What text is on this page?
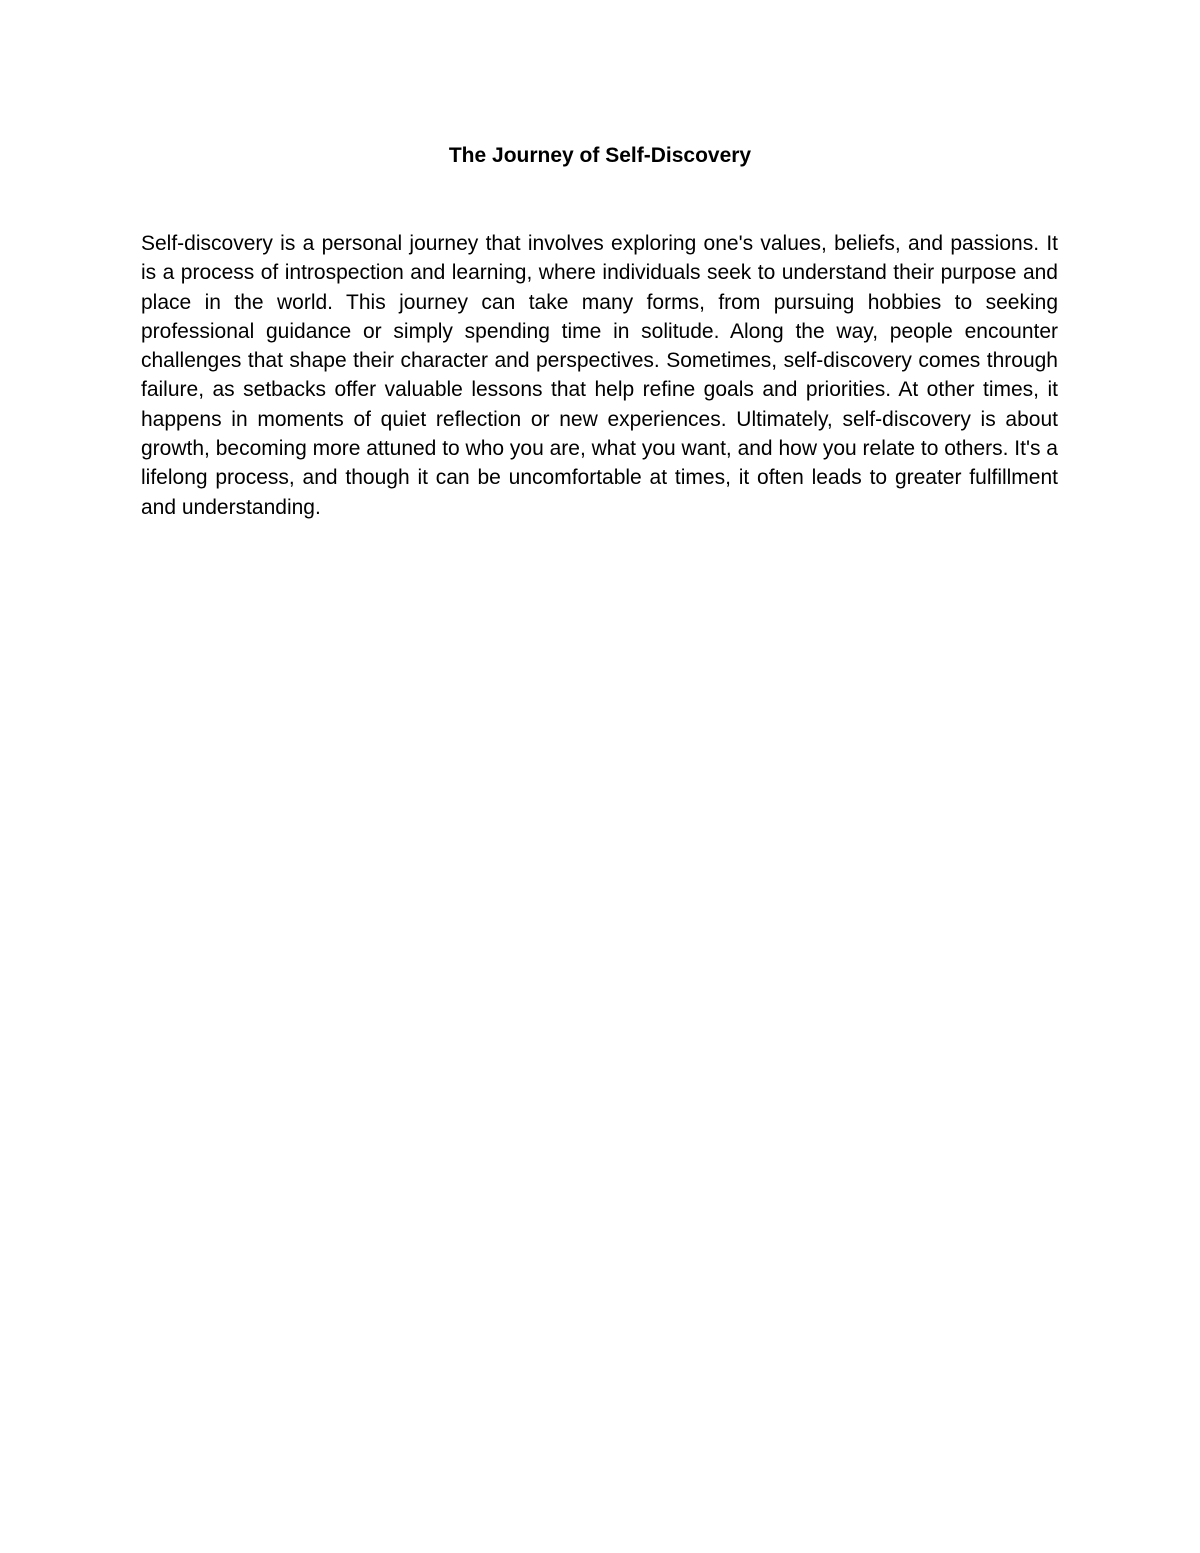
The Journey of Self-Discovery

Self-discovery is a personal journey that involves exploring one's values, beliefs, and passions. It is a process of introspection and learning, where individuals seek to understand their purpose and place in the world. This journey can take many forms, from pursuing hobbies to seeking professional guidance or simply spending time in solitude. Along the way, people encounter challenges that shape their character and perspectives. Sometimes, self-discovery comes through failure, as setbacks offer valuable lessons that help refine goals and priorities. At other times, it happens in moments of quiet reflection or new experiences. Ultimately, self-discovery is about growth, becoming more attuned to who you are, what you want, and how you relate to others. It's a lifelong process, and though it can be uncomfortable at times, it often leads to greater fulfillment and understanding.
